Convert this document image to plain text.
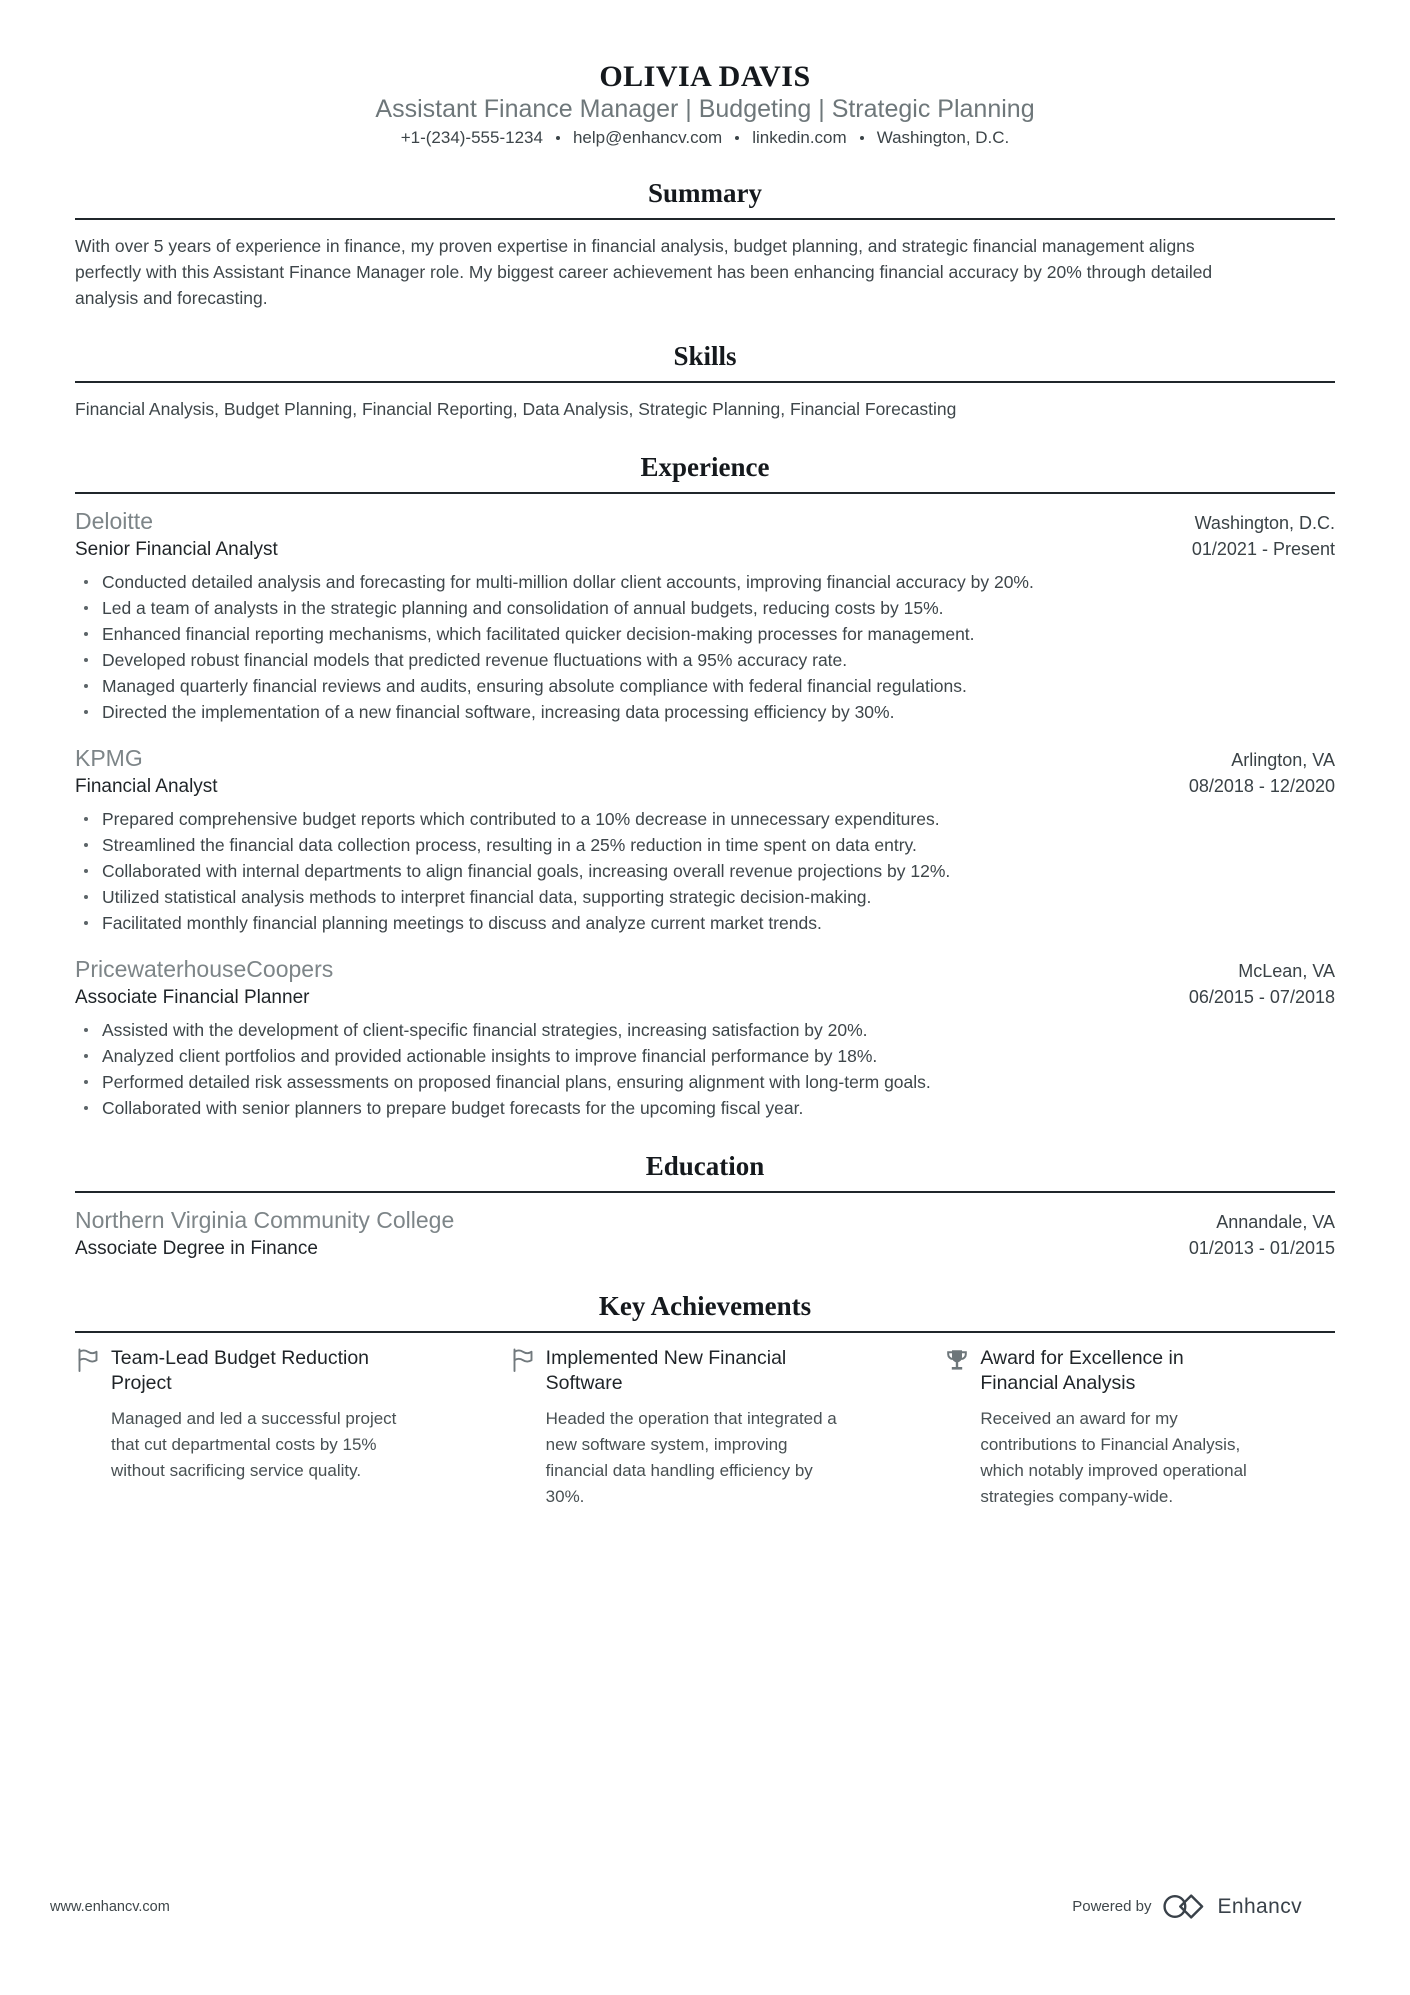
OLIVIA DAVIS
Assistant Finance Manager | Budgeting | Strategic Planning
+1-(234)-555-1234 help@enhancv.com linkedin.com Washington, D.C.
Summary

With over 5 years of experience in finance, my proven expertise in financial analysis, budget planning, and strategic financial management aligns perfectly with this Assistant Finance Manager role. My biggest career achievement has been enhancing financial accuracy by 20% through detailed analysis and forecasting.

Skills

Financial Analysis, Budget Planning, Financial Reporting, Data Analysis, Strategic Planning, Financial Forecasting

Experience
Deloitte	Washington, D.C.
Senior Financial Analyst	01/2021 - Present
Conducted detailed analysis and forecasting for multi-million dollar client accounts, improving financial accuracy by 20%.
Led a team of analysts in the strategic planning and consolidation of annual budgets, reducing costs by 15%.
Enhanced financial reporting mechanisms, which facilitated quicker decision-making processes for management.
Developed robust financial models that predicted revenue fluctuations with a 95% accuracy rate.
Managed quarterly financial reviews and audits, ensuring absolute compliance with federal financial regulations.
Directed the implementation of a new financial software, increasing data processing efficiency by 30%.
KPMG	Arlington, VA
Financial Analyst	08/2018 - 12/2020
Prepared comprehensive budget reports which contributed to a 10% decrease in unnecessary expenditures.
Streamlined the financial data collection process, resulting in a 25% reduction in time spent on data entry.
Collaborated with internal departments to align financial goals, increasing overall revenue projections by 12%.
Utilized statistical analysis methods to interpret financial data, supporting strategic decision-making.
Facilitated monthly financial planning meetings to discuss and analyze current market trends.
PricewaterhouseCoopers	McLean, VA
Associate Financial Planner	06/2015 - 07/2018
Assisted with the development of client-specific financial strategies, increasing satisfaction by 20%.
Analyzed client portfolios and provided actionable insights to improve financial performance by 18%.
Performed detailed risk assessments on proposed financial plans, ensuring alignment with long-term goals.
Collaborated with senior planners to prepare budget forecasts for the upcoming fiscal year.
Education
Northern Virginia Community College	Annandale, VA
Associate Degree in Finance	01/2013 - 01/2015
Key Achievements
Team-Lead Budget Reduction Project

Managed and led a successful project that cut departmental costs by 15% without sacrificing service quality.

Implemented New Financial Software

Headed the operation that integrated a new software system, improving financial data handling efficiency by 30%.

Award for Excellence in Financial Analysis

Received an award for my contributions to Financial Analysis, which notably improved operational strategies company-wide.

www.enhancv.com	Powered by	Enhancv
